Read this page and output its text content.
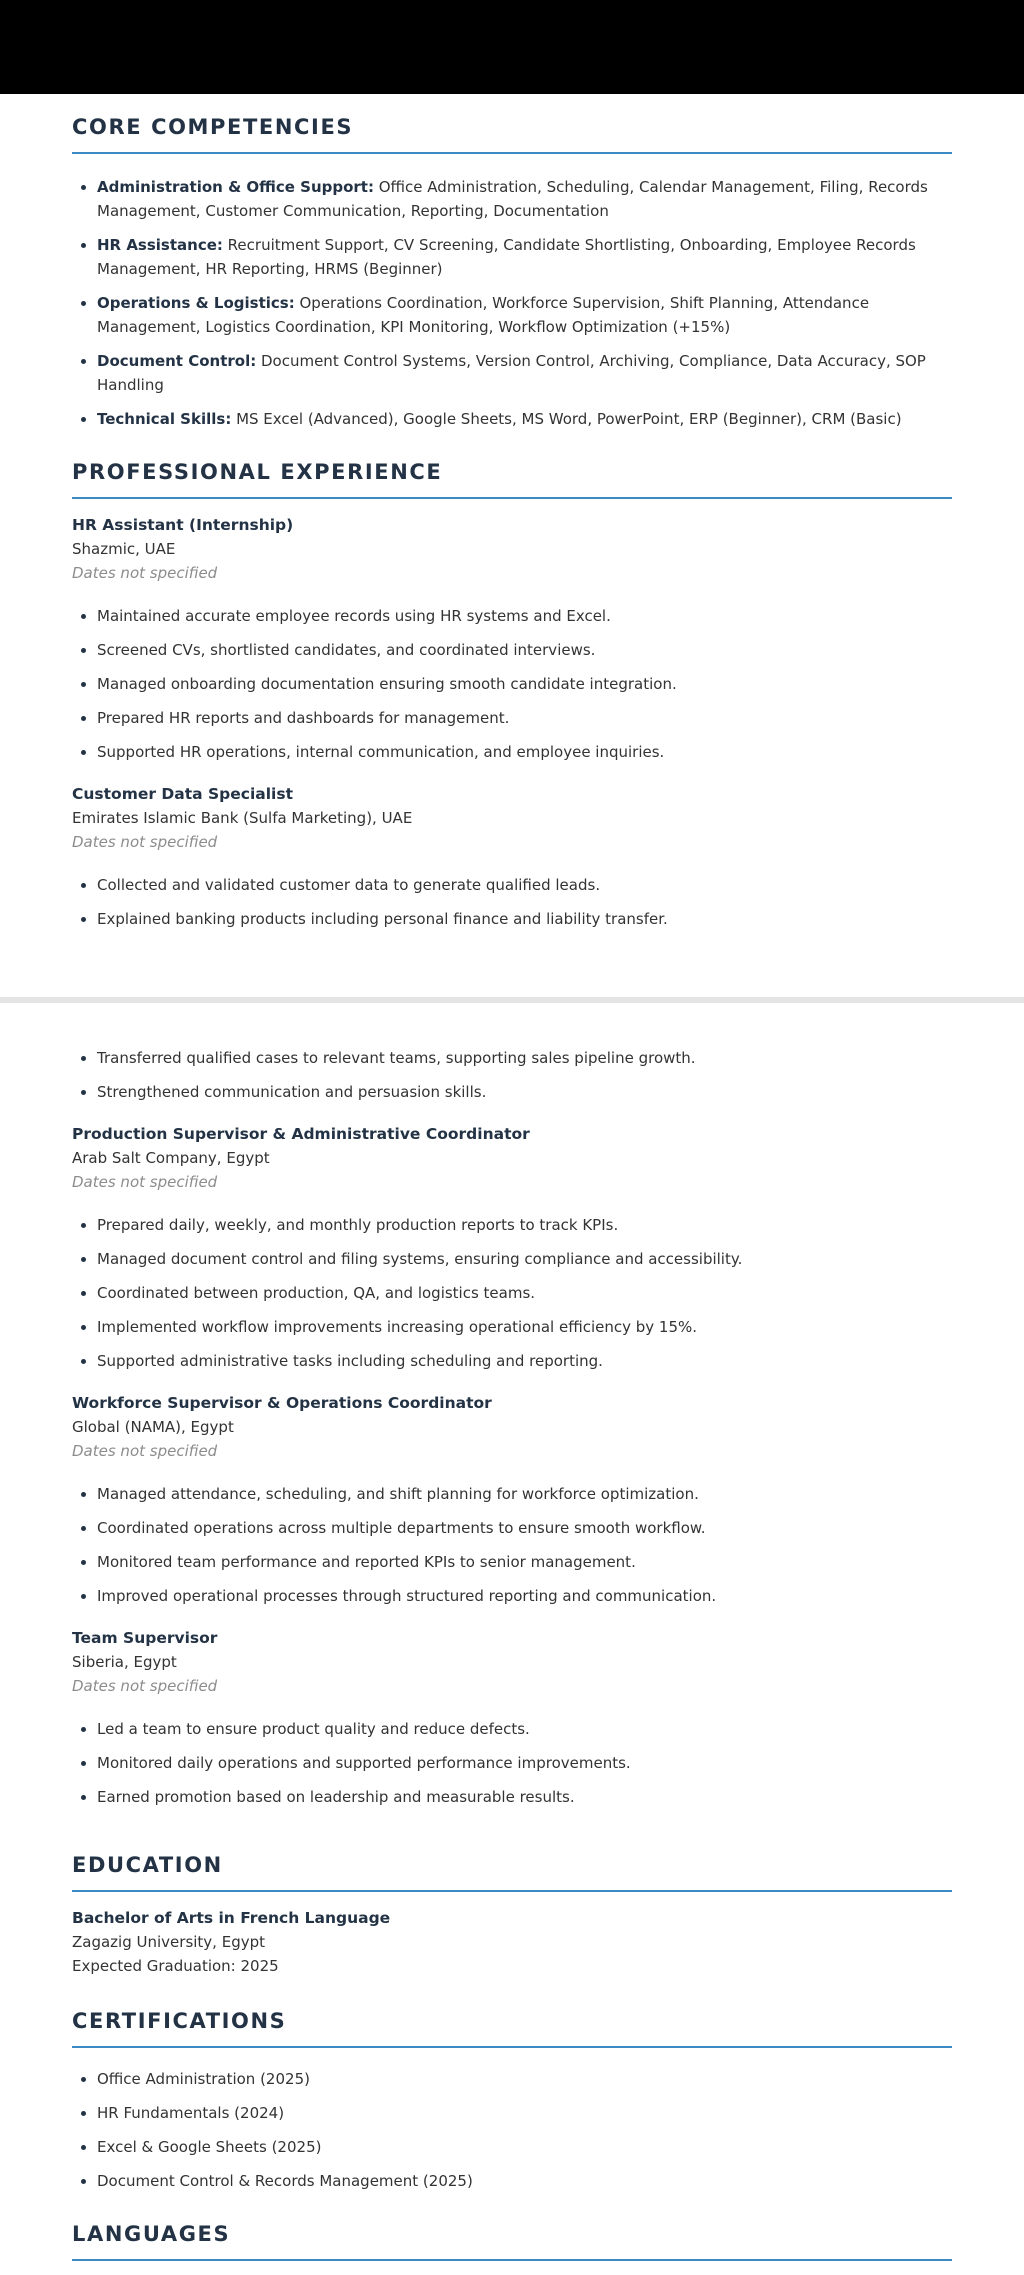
CORE COMPETENCIES
• Administration & Office Support: Office Administration, Scheduling, Calendar Management, Filing, Records Management, Customer Communication, Reporting, Documentation
• HR Assistance: Recruitment Support, CV Screening, Candidate Shortlisting, Onboarding, Employee Records Management, HR Reporting, HRMS (Beginner)
• Operations & Logistics: Operations Coordination, Workforce Supervision, Shift Planning, Attendance Management, Logistics Coordination, KPI Monitoring, Workflow Optimization (+15%)
• Document Control: Document Control Systems, Version Control, Archiving, Compliance, Data Accuracy, SOP Handling
• Technical Skills: MS Excel (Advanced), Google Sheets, MS Word, PowerPoint, ERP (Beginner), CRM (Basic)
PROFESSIONAL EXPERIENCE
HR Assistant (Internship)
Shazmic, UAE
Dates not specified
• Maintained accurate employee records using HR systems and Excel.
• Screened CVs, shortlisted candidates, and coordinated interviews.
• Managed onboarding documentation ensuring smooth candidate integration.
• Prepared HR reports and dashboards for management.
• Supported HR operations, internal communication, and employee inquiries.
Customer Data Specialist
Emirates Islamic Bank (Sulfa Marketing), UAE
Dates not specified
• Collected and validated customer data to generate qualified leads.
• Explained banking products including personal finance and liability transfer.
• Transferred qualified cases to relevant teams, supporting sales pipeline growth.
• Strengthened communication and persuasion skills.
Production Supervisor & Administrative Coordinator
Arab Salt Company, Egypt
Dates not specified
• Prepared daily, weekly, and monthly production reports to track KPIs.
• Managed document control and filing systems, ensuring compliance and accessibility.
• Coordinated between production, QA, and logistics teams.
• Implemented workflow improvements increasing operational efficiency by 15%.
• Supported administrative tasks including scheduling and reporting.
Workforce Supervisor & Operations Coordinator
Global (NAMA), Egypt
Dates not specified
• Managed attendance, scheduling, and shift planning for workforce optimization.
• Coordinated operations across multiple departments to ensure smooth workflow.
• Monitored team performance and reported KPIs to senior management.
• Improved operational processes through structured reporting and communication.
Team Supervisor
Siberia, Egypt
Dates not specified
• Led a team to ensure product quality and reduce defects.
• Monitored daily operations and supported performance improvements.
• Earned promotion based on leadership and measurable results.
EDUCATION
Bachelor of Arts in French Language
Zagazig University, Egypt
Expected Graduation: 2025
CERTIFICATIONS
• Office Administration (2025)
• HR Fundamentals (2024)
• Excel & Google Sheets (2025)
• Document Control & Records Management (2025)
LANGUAGES
